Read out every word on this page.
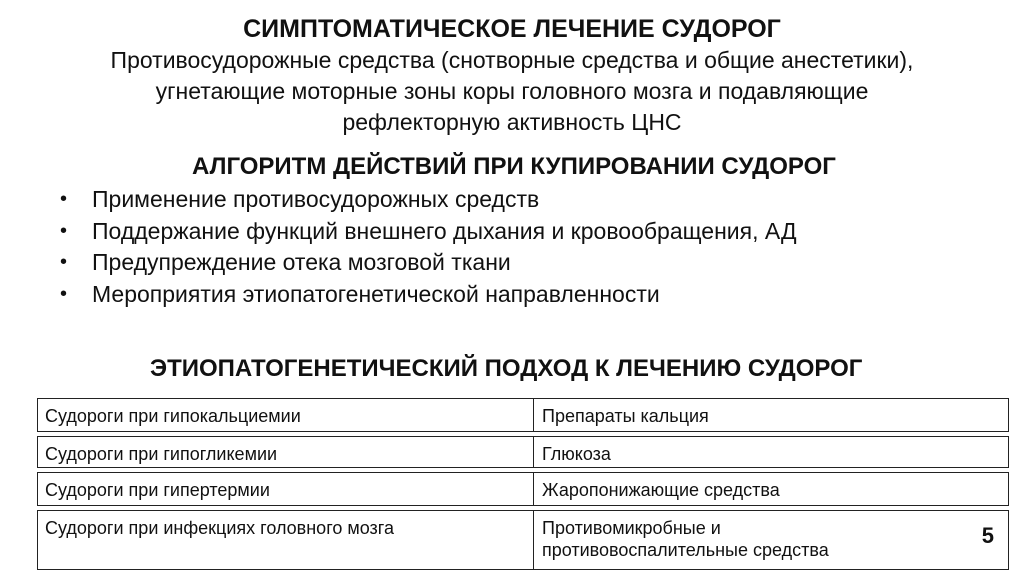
СИМПТОМАТИЧЕСКОЕ ЛЕЧЕНИЕ СУДОРОГ
Противосудорожные средства (снотворные средства и общие анестетики),
угнетающие моторные зоны коры головного мозга и подавляющие
рефлекторную активность ЦНС
АЛГОРИТМ ДЕЙСТВИЙ ПРИ КУПИРОВАНИИ СУДОРОГ
• Применение противосудорожных средств
• Поддержание функций внешнего дыхания и кровообращения, АД
• Предупреждение отека мозговой ткани
• Мероприятия этиопатогенетической направленности
ЭТИОПАТОГЕНЕТИЧЕСКИЙ ПОДХОД К ЛЕЧЕНИЮ СУДОРОГ
Судороги при гипокальциемии	Препараты кальция
Судороги при гипогликемии	Глюкоза
Судороги при гипертермии	Жаропонижающие средства
Судороги при инфекциях головного мозга	Противомикробные и противовоспалительные средства
5
